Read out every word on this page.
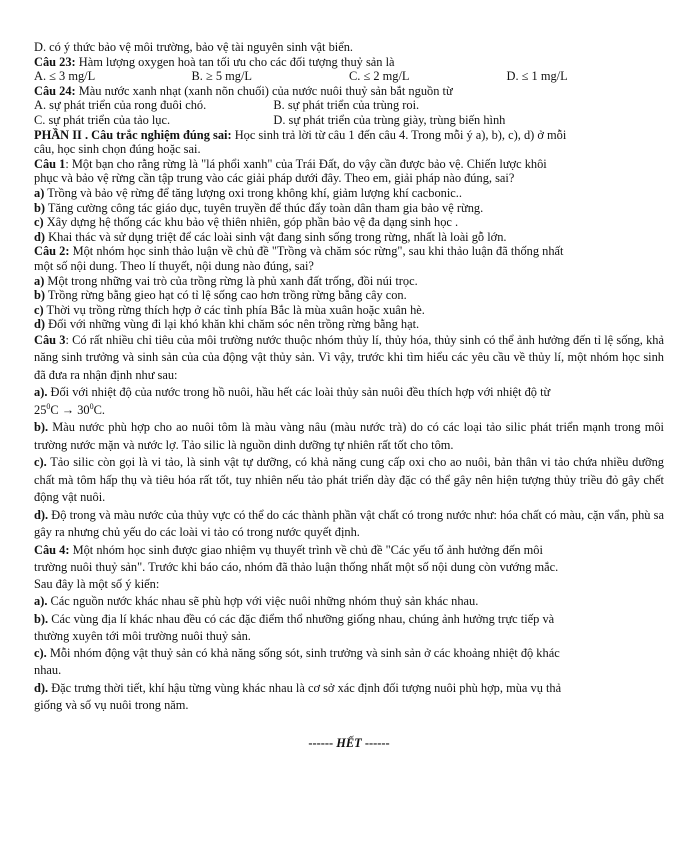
D. có ý thức bảo vệ môi trường, bảo vệ tài nguyên sinh vật biển.
Câu 23: Hàm lượng oxygen hoà tan tối ưu cho các đối tượng thuỷ sản là
A. ≤ 3 mg/L	B. ≥ 5 mg/L	C. ≤ 2 mg/L	D. ≤ 1 mg/L
Câu 24: Màu nước xanh nhạt (xanh nõn chuối) của nước nuôi thuỷ sản bắt nguồn từ
A. sự phát triển của rong đuôi chó.	B. sự phát triển của trùng roi.
C. sự phát triển của tảo lục.	D. sự phát triển của trùng giày, trùng biến hình
PHẦN II . Câu trắc nghiệm đúng sai: Học sinh trả lời từ câu 1 đến câu 4. Trong mỗi ý a), b), c), d) ở mỗi
câu, học sinh chọn đúng hoặc sai.
Câu 1: Một bạn cho rằng rừng là "lá phổi xanh" của Trái Đất, do vậy cần được bảo vệ. Chiến lược khôi
phục và bảo vệ rừng cần tập trung vào các giải pháp dưới đây. Theo em, giải pháp nào đúng, sai?
a) Trồng và bảo vệ rừng để tăng lượng oxi trong không khí, giảm lượng khí cacbonic..
b) Tăng cường công tác giáo dục, tuyên truyền để thúc đẩy toàn dân tham gia bảo vệ rừng.
c) Xây dựng hệ thống các khu bảo vệ thiên nhiên, góp phần bảo vệ đa dạng sinh học .
d) Khai thác và sử dụng triệt để các loài sinh vật đang sinh sống trong rừng, nhất là loài gỗ lớn.
Câu 2: Một nhóm học sinh thảo luận về chủ đề "Trồng và chăm sóc rừng", sau khi thảo luận đã thống nhất
một số nội dung. Theo lí thuyết, nội dung nào đúng, sai?
a) Một trong những vai trò của trồng rừng là phủ xanh đất trống, đồi núi trọc.
b) Trồng rừng bằng gieo hạt có tỉ lệ sống cao hơn trồng rừng bằng cây con.
c) Thời vụ trồng rừng thích hợp ở các tỉnh phía Bắc là mùa xuân hoặc xuân hè.
d) Đối với những vùng đi lại khó khăn khi chăm sóc nên trồng rừng bằng hạt.
Câu 3: Có rất nhiều chỉ tiêu của môi trường nước thuộc nhóm thủy lí, thủy hóa, thủy sinh có thể ảnh hưởng đến tỉ lệ sống, khả năng sinh trưởng và sinh sản của của động vật thủy sản. Vì vậy, trước khi tìm hiểu các yêu cầu về thủy lí, một nhóm học sinh đã đưa ra nhận định như sau:
a). Đối với nhiệt độ của nước trong hồ nuôi, hầu hết các loài thủy sản nuôi đều thích hợp với nhiệt độ từ
$25^0C \to 30^0C$.
b). Màu nước phù hợp cho ao nuôi tôm là màu vàng nâu (màu nước trà) do có các loại tảo silic phát triển mạnh trong môi trường nước mặn và nước lợ. Tảo silic là nguồn dinh dưỡng tự nhiên rất tốt cho tôm.
c). Tảo silic còn gọi là vi tảo, là sinh vật tự dưỡng, có khả năng cung cấp oxi cho ao nuôi, bản thân vi tảo chứa nhiều dưỡng chất mà tôm hấp thụ và tiêu hóa rất tốt, tuy nhiên nếu tảo phát triển dày đặc có thể gây nên hiện tượng thủy triều đỏ gây chết động vật nuôi.
d). Độ trong và màu nước của thủy vực có thể do các thành phần vật chất có trong nước như: hóa chất có màu, cặn vẩn, phù sa gây ra nhưng chủ yếu do các loài vi tảo có trong nước quyết định.
Câu 4: Một nhóm học sinh được giao nhiệm vụ thuyết trình về chủ đề "Các yếu tố ảnh hưởng đến môi
trường nuôi thuỷ sản". Trước khi báo cáo, nhóm đã thảo luận thống nhất một số nội dung còn vướng mắc.
Sau đây là một số ý kiến:
a). Các nguồn nước khác nhau sẽ phù hợp với việc nuôi những nhóm thuỷ sản khác nhau.
b). Các vùng địa lí khác nhau đều có các đặc điểm thổ nhưỡng giống nhau, chúng ảnh hưởng trực tiếp và
thường xuyên tới môi trường nuôi thuỷ sản.
c). Mỗi nhóm động vật thuỷ sản có khả năng sống sót, sinh trưởng và sinh sản ở các khoảng nhiệt độ khác
nhau.
d). Đặc trưng thời tiết, khí hậu từng vùng khác nhau là cơ sở xác định đối tượng nuôi phù hợp, mùa vụ thả
giống và số vụ nuôi trong năm.
------ HẾT ------
